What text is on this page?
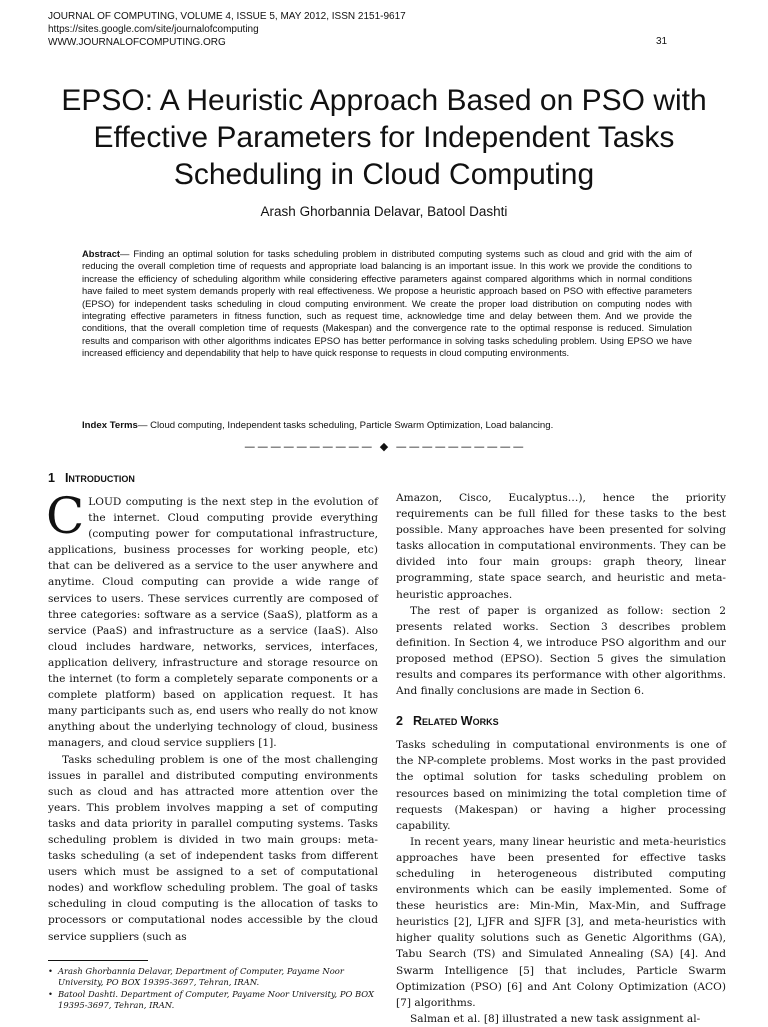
JOURNAL OF COMPUTING, VOLUME 4, ISSUE 5, MAY 2012, ISSN 2151-9617
https://sites.google.com/site/journalofcomputing
WWW.JOURNALOFCOMPUTING.ORG	31
EPSO: A Heuristic Approach Based on PSO with Effective Parameters for Independent Tasks Scheduling in Cloud Computing
Arash Ghorbannia Delavar, Batool Dashti
Abstract— Finding an optimal solution for tasks scheduling problem in distributed computing systems such as cloud and grid with the aim of reducing the overall completion time of requests and appropriate load balancing is an important issue. In this work we provide the conditions to increase the efficiency of scheduling algorithm while considering effective parameters against compared algorithms which in normal conditions have failed to meet system demands properly with real effectiveness. We propose a heuristic approach based on PSO with effective parameters (EPSO) for independent tasks scheduling in cloud computing environment. We create the proper load distribution on computing nodes with integrating effective parameters in fitness function, such as request time, acknowledge time and delay between them. And we provide the conditions, that the overall completion time of requests (Makespan) and the convergence rate to the optimal response is reduced. Simulation results and comparison with other algorithms indicates EPSO has better performance in solving tasks scheduling problem. Using EPSO we have increased efficiency and dependability that help to have quick response to requests in cloud computing environments.
Index Terms— Cloud computing, Independent tasks scheduling, Particle Swarm Optimization, Load balancing.
—————————— ◆ ——————————
1 Introduction

CLOUD computing is the next step in the evolution of the internet. Cloud computing provide everything (computing power for computational infrastructure, applications, business processes for working people, etc) that can be delivered as a service to the user anywhere and anytime. Cloud computing can provide a wide range of services to users. These services currently are composed of three categories: software as a service (SaaS), platform as a service (PaaS) and infrastructure as a service (IaaS). Also cloud includes hardware, networks, services, interfaces, application delivery, infrastructure and storage resource on the internet (to form a completely separate components or a complete platform) based on application request. It has many participants such as, end users who really do not know anything about the underlying technology of cloud, business managers, and cloud service suppliers [1].

Tasks scheduling problem is one of the most challenging issues in parallel and distributed computing environments such as cloud and has attracted more attention over the years. This problem involves mapping a set of computing tasks and data priority in parallel computing systems. Tasks scheduling problem is divided in two main groups: meta-tasks scheduling (a set of independent tasks from different users which must be assigned to a set of computational nodes) and workflow scheduling problem. The goal of tasks scheduling in cloud computing is the allocation of tasks to processors or computational nodes accessible by the cloud service suppliers (such as

Amazon, Cisco, Eucalyptus…), hence the priority requirements can be full filled for these tasks to the best possible. Many approaches have been presented for solving tasks allocation in computational environments. They can be divided into four main groups: graph theory, linear programming, state space search, and heuristic and meta-heuristic approaches.

The rest of paper is organized as follow: section 2 presents related works. Section 3 describes problem definition. In Section 4, we introduce PSO algorithm and our proposed method (EPSO). Section 5 gives the simulation results and compares its performance with other algorithms. And finally conclusions are made in Section 6.

2 Related Works

Tasks scheduling in computational environments is one of the NP-complete problems. Most works in the past provided the optimal solution for tasks scheduling problem on resources based on minimizing the total completion time of requests (Makespan) or having a higher processing capability.

In recent years, many linear heuristic and meta-heuristics approaches have been presented for effective tasks scheduling in heterogeneous distributed computing environments which can be easily implemented. Some of these heuristics are: Min-Min, Max-Min, and Suffrage heuristics [2], LJFR and SJFR [3], and meta-heuristics with higher quality solutions such as Genetic Algorithms (GA), Tabu Search (TS) and Simulated Annealing (SA) [4]. And Swarm Intelligence [5] that includes, Particle Swarm Optimization (PSO) [6] and Ant Colony Optimization (ACO) [7] algorithms.

Salman et al. [8] illustrated a new task assignment al-

• Arash Ghorbannia Delavar, Department of Computer, Payame Noor University, PO BOX 19395-3697, Tehran, IRAN.
• Batool Dashti. Department of Computer, Payame Noor University, PO BOX 19395-3697, Tehran, IRAN.
